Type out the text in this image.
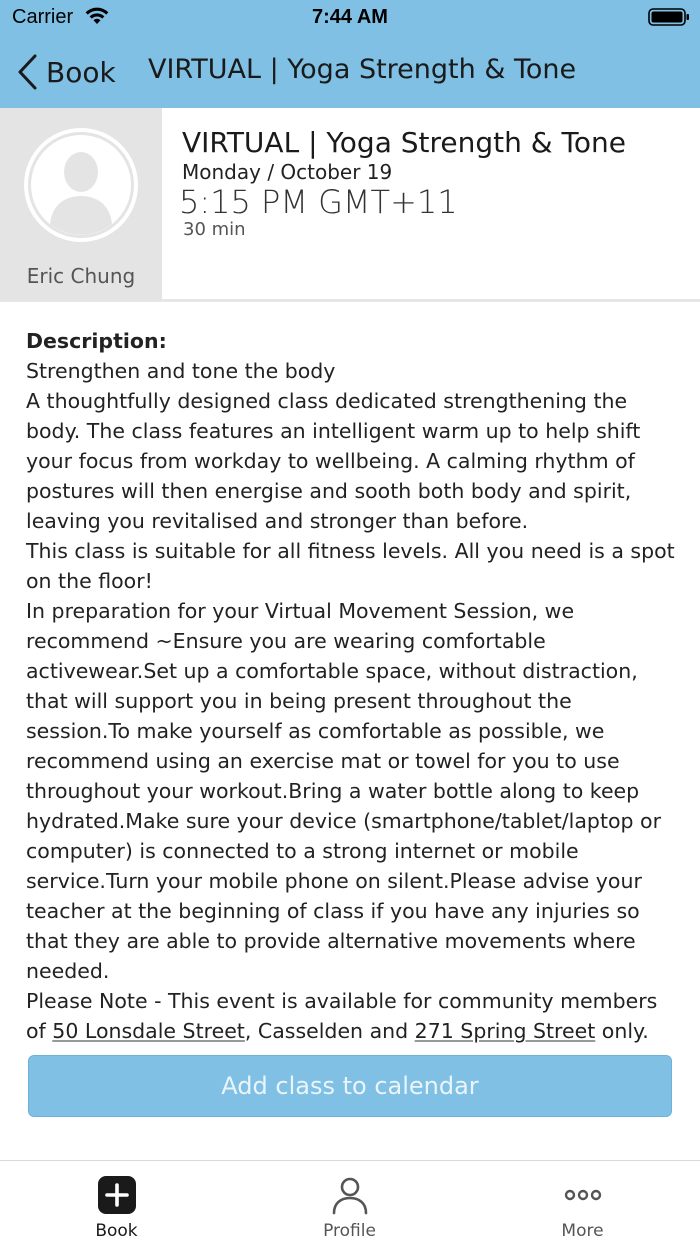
Carrier	7:44 AM
Book VIRTUAL | Yoga Strength & Tone
Eric Chung
VIRTUAL | Yoga Strength & Tone
Monday / October 19
5:15 PM GMT+11
30 min

Description:

Strengthen and tone the body

A thoughtfully designed class dedicated strengthening the body. The class features an intelligent warm up to help shift your focus from workday to wellbeing. A calming rhythm of postures will then energise and sooth both body and spirit, leaving you revitalised and stronger than before.

This class is suitable for all fitness levels. All you need is a spot on the floor!

In preparation for your Virtual Movement Session, we recommend ~Ensure you are wearing comfortable activewear.Set up a comfortable space, without distraction, that will support you in being present throughout the session.To make yourself as comfortable as possible, we recommend using an exercise mat or towel for you to use throughout your workout.Bring a water bottle along to keep hydrated.Make sure your device (smartphone/tablet/laptop or computer) is connected to a strong internet or mobile service.Turn your mobile phone on silent.Please advise your teacher at the beginning of class if you have any injuries so that they are able to provide alternative movements where needed.

Please Note - This event is available for community members of 50 Lonsdale Street, Casselden and 271 Spring Street only.

Add class to calendar
Book	Profile	More
